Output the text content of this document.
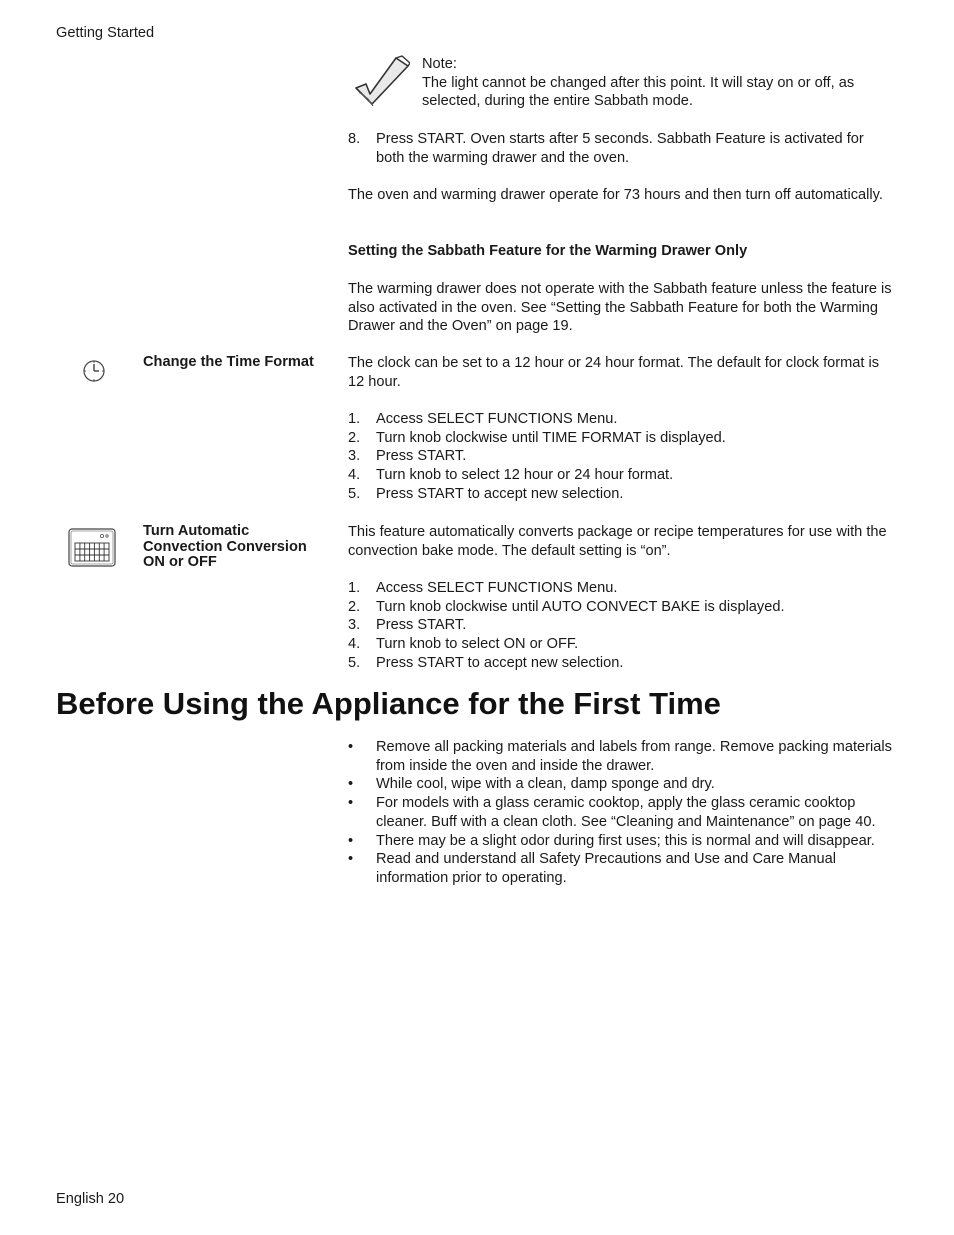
Getting Started
Note:
The light cannot be changed after this point. It will stay on or off, as selected, during the entire Sabbath mode.
8. Press START. Oven starts after 5 seconds. Sabbath Feature is activated for both the warming drawer and the oven.

The oven and warming drawer operate for 73 hours and then turn off automatically.

Setting the Sabbath Feature for the Warming Drawer Only

The warming drawer does not operate with the Sabbath feature unless the feature is also activated in the oven. See “Setting the Sabbath Feature for both the Warming Drawer and the Oven” on page 19.

Change the Time Format	The clock can be set to a 12 hour or 24 hour format. The default for clock format is 12 hour.

1. Access SELECT FUNCTIONS Menu.
2. Turn knob clockwise until TIME FORMAT is displayed.
3. Press START.
4. Turn knob to select 12 hour or 24 hour format.
5. Press START to accept new selection.
Turn Automatic Convection Conversion ON or OFF

This feature automatically converts package or recipe temperatures for use with the convection bake mode. The default setting is “on”.

1. Access SELECT FUNCTIONS Menu.
2. Turn knob clockwise until AUTO CONVECT BAKE is displayed.
3. Press START.
4. Turn knob to select ON or OFF.
5. Press START to accept new selection.
Before Using the Appliance for the First Time
• Remove all packing materials and labels from range. Remove packing materials from inside the oven and inside the drawer.
• While cool, wipe with a clean, damp sponge and dry.
• For models with a glass ceramic cooktop, apply the glass ceramic cooktop cleaner. Buff with a clean cloth. See “Cleaning and Maintenance” on page 40.
• There may be a slight odor during first uses; this is normal and will disappear.
• Read and understand all Safety Precautions and Use and Care Manual information prior to operating.
English 20
